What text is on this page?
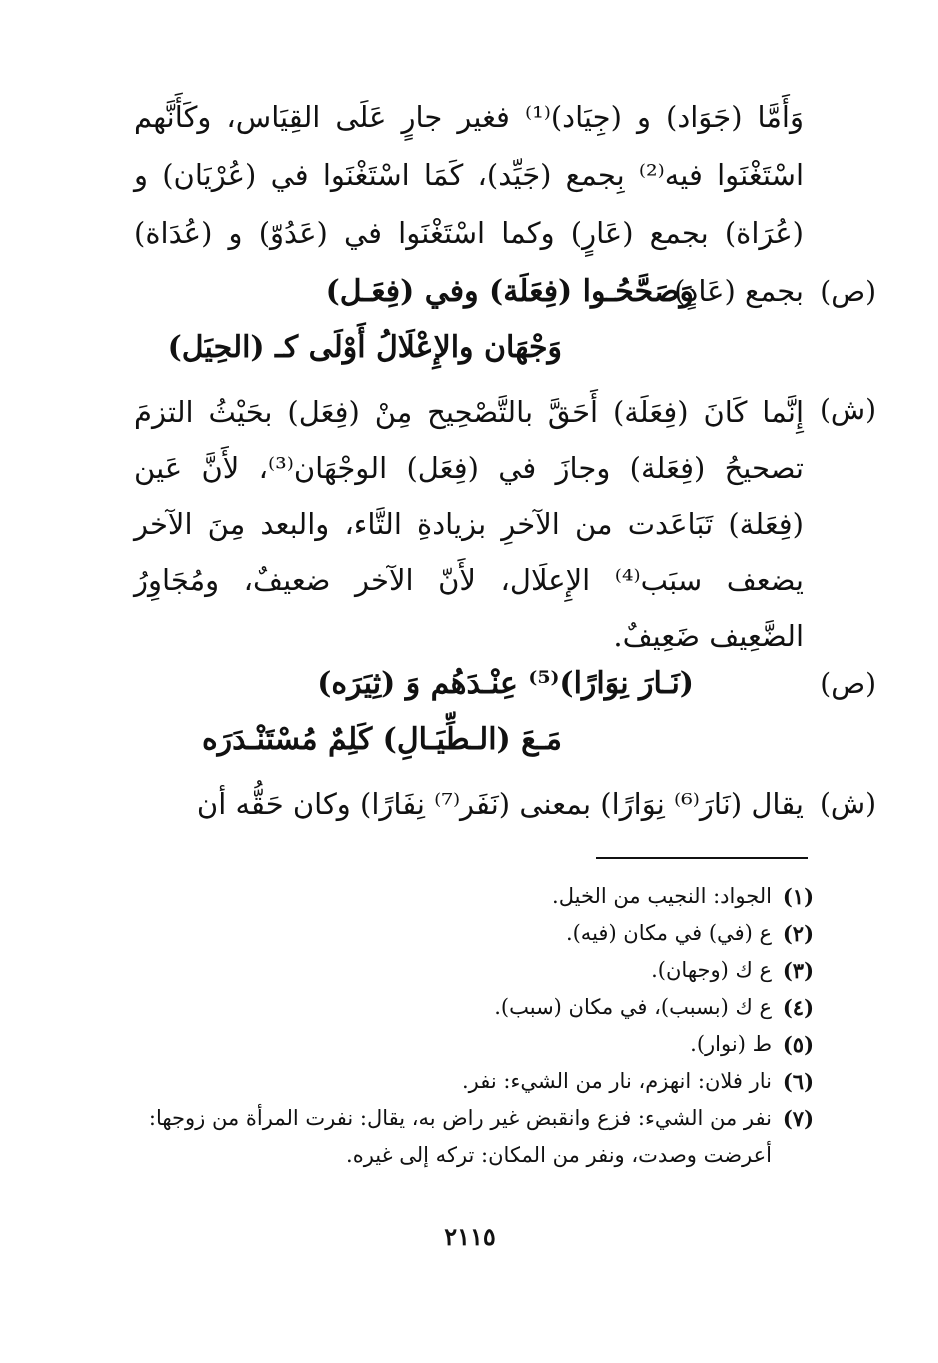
وَأَمَّا (جَوَاد) و (جِيَاد)⁽¹⁾ فغير جارٍ عَلَى القِيَاس، وكَأَنَّهم اسْتَغْنَوا فيه⁽²⁾ بِجمع (جَيِّد)، كَمَا اسْتَغْنَوا في (عُرْيَان) و (عُرَاة) بجمع (عَارٍ) وكما اسْتَغْنَوا في (عَدُوّ) و (عُدَاة) بجمع (عَادٍ). (ص)
وَصَحَّحُـوا (فِعَلَة) وفي (فِعَـل)
وَجْهَان والإِعْلَالُ أَوْلَى كـ (الحِيَل)
(ش)

إِنَّما كَانَ (فِعَلَة) أَحَقَّ بالتَّصْحِيح مِنْ (فِعَل) بحَيْثُ التزمَ تصحيحُ (فِعَلة) وجازَ في (فِعَل) الوجْهَان⁽³⁾، لأَنَّ عَين (فِعَلة) تَبَاعَدت من الآخرِ بزيادةِ التَّاء، والبعد مِنَ الآخر يضعف سبَب⁽⁴⁾ الإِعلَال، لأَنّ الآخر ضعيفٌ، ومُجَاوِرُ الضَّعِيف ضَعِيفٌ.

(ص)
(نَـارَ نِوَارًا)⁽⁵⁾ عِنْـدَهُم وَ (ثِيَرَه)
مَـعَ (الـطِّيَـالِ) كَلِمٌ مُسْتَنْـدَرَه
(ش)

يقال (نَارَ⁽⁶⁾ نِوَارًا) بمعنى (نَفَر⁽⁷⁾ نِفَارًا) وكان حَقُّه أن

(١)
الجواد: النجيب من الخيل.
(٢)
ع (في) في مكان (فيه).
(٣)
ع ك (وجهان).
(٤)
ع ك (بسبب)، في مكان (سبب).
(٥)
ط (نوار).
(٦)
نار فلان: انهزم، نار من الشيء: نفر.
(٧)
نفر من الشيء: فزع وانقبض غير راض به، يقال: نفرت المرأة من زوجها: أعرضت وصدت، ونفر من المكان: تركه إلى غيره.
٢١١٥
